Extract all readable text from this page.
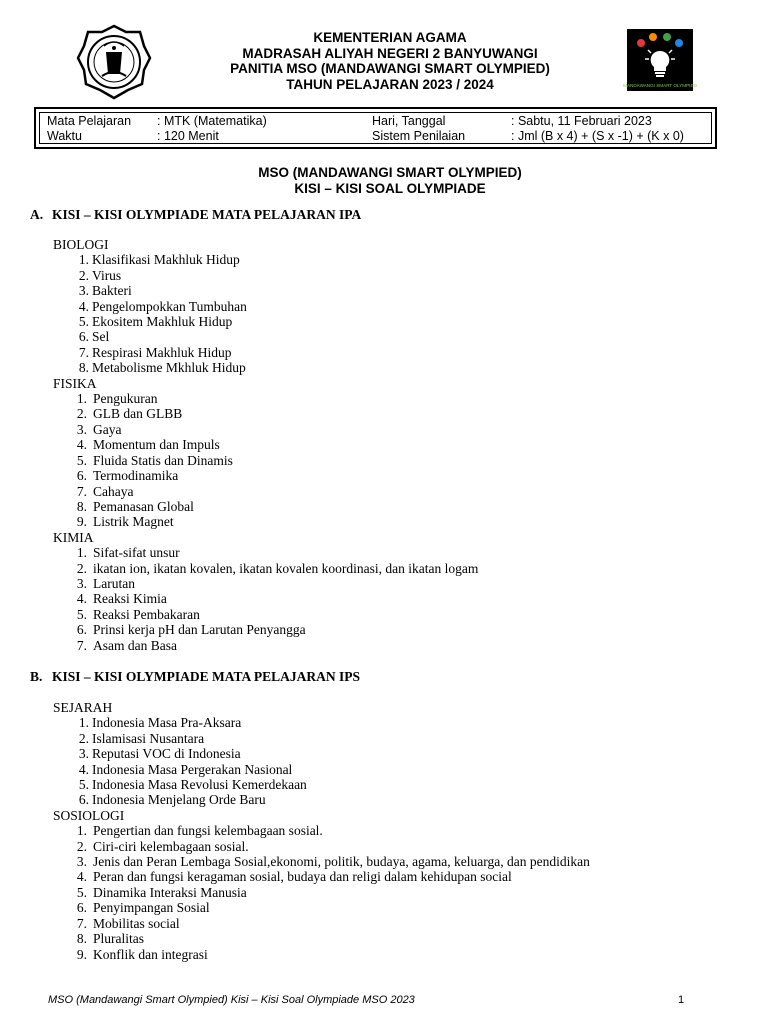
KEMENTERIAN AGAMA
MADRASAH ALIYAH NEGERI 2 BANYUWANGI
PANITIA MSO (MANDAWANGI SMART OLYMPIED)
TAHUN PELAJARAN 2023 / 2024	MANDAWANGI SMART OLYMPIED
Mata Pelajaran : MTK (Matematika)	Hari, Tanggal	: Sabtu, 11 Februari 2023
Waktu	: 120 Menit	Sistem Penilaian	: Jml (B x 4) + (S x -1) + (K x 0)
MSO (MANDAWANGI SMART OLYMPIED)
KISI – KISI SOAL OLYMPIADE
A. KISI – KISI OLYMPIADE MATA PELAJARAN IPA
BIOLOGI
1. Klasifikasi Makhluk Hidup
2. Virus
3. Bakteri
4. Pengelompokkan Tumbuhan
5. Ekositem Makhluk Hidup
6. Sel
7. Respirasi Makhluk Hidup
8. Metabolisme Mkhluk Hidup
FISIKA
1. Pengukuran
2. GLB dan GLBB
3. Gaya
4. Momentum dan Impuls
5. Fluida Statis dan Dinamis
6. Termodinamika
7. Cahaya
8. Pemanasan Global
9. Listrik Magnet
KIMIA
1. Sifat-sifat unsur
2. ikatan ion, ikatan kovalen, ikatan kovalen koordinasi, dan ikatan logam
3. Larutan
4. Reaksi Kimia
5. Reaksi Pembakaran
6. Prinsi kerja pH dan Larutan Penyangga
7. Asam dan Basa
B. KISI – KISI OLYMPIADE MATA PELAJARAN IPS
SEJARAH
1. Indonesia Masa Pra-Aksara
2. Islamisasi Nusantara
3. Reputasi VOC di Indonesia
4. Indonesia Masa Pergerakan Nasional
5. Indonesia Masa Revolusi Kemerdekaan
6. Indonesia Menjelang Orde Baru
SOSIOLOGI
1. Pengertian dan fungsi kelembagaan sosial.
2. Ciri-ciri kelembagaan sosial.
3. Jenis dan Peran Lembaga Sosial,ekonomi, politik, budaya, agama, keluarga, dan pendidikan
4. Peran dan fungsi keragaman sosial, budaya dan religi dalam kehidupan social
5. Dinamika Interaksi Manusia
6. Penyimpangan Sosial
7. Mobilitas social
8. Pluralitas
9. Konflik dan integrasi
MSO (Mandawangi Smart Olympied) Kisi – Kisi Soal Olympiade MSO 2023	1
